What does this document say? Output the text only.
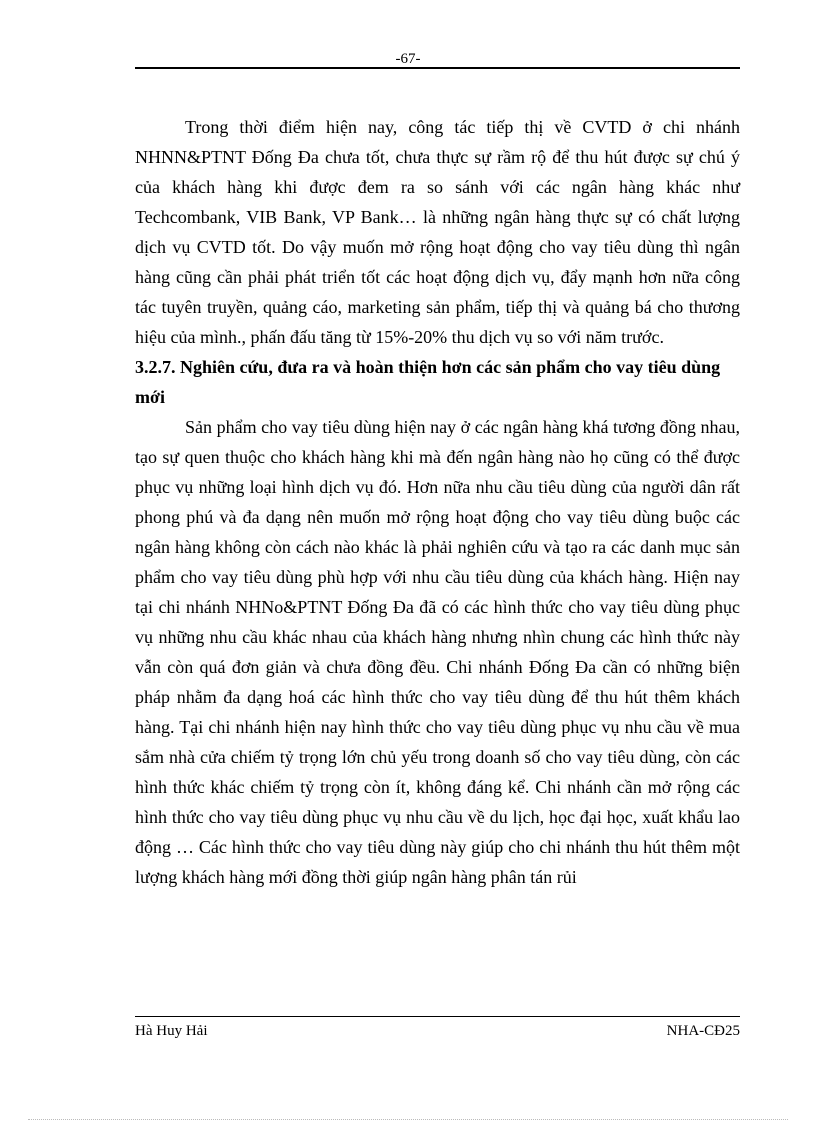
-67-

Trong thời điểm hiện nay, công tác tiếp thị về CVTD ở chi nhánh NHNN&PTNT Đống Đa chưa tốt, chưa thực sự rầm rộ để thu hút được sự chú ý của khách hàng khi được đem ra so sánh với các ngân hàng khác như Techcombank, VIB Bank, VP Bank… là những ngân hàng thực sự có chất lượng dịch vụ CVTD tốt. Do vậy muốn mở rộng hoạt động cho vay tiêu dùng thì ngân hàng cũng cần phải phát triển tốt các hoạt động dịch vụ, đẩy mạnh hơn nữa công tác tuyên truyền, quảng cáo, marketing sản phẩm, tiếp thị và quảng bá cho thương hiệu của mình., phấn đấu tăng từ 15%-20% thu dịch vụ so với năm trước.

3.2.7. Nghiên cứu, đưa ra và hoàn thiện hơn các sản phẩm cho vay tiêu dùng mới

Sản phẩm cho vay tiêu dùng hiện nay ở các ngân hàng khá tương đồng nhau, tạo sự quen thuộc cho khách hàng khi mà đến ngân hàng nào họ cũng có thể được phục vụ những loại hình dịch vụ đó. Hơn nữa nhu cầu tiêu dùng của người dân rất phong phú và đa dạng nên muốn mở rộng hoạt động cho vay tiêu dùng buộc các ngân hàng không còn cách nào khác là phải nghiên cứu và tạo ra các danh mục sản phẩm cho vay tiêu dùng phù hợp với nhu cầu tiêu dùng của khách hàng. Hiện nay tại chi nhánh NHNo&PTNT Đống Đa đã có các hình thức cho vay tiêu dùng phục vụ những nhu cầu khác nhau của khách hàng nhưng nhìn chung các hình thức này vẫn còn quá đơn giản và chưa đồng đều. Chi nhánh Đống Đa cần có những biện pháp nhằm đa dạng hoá các hình thức cho vay tiêu dùng để thu hút thêm khách hàng. Tại chi nhánh hiện nay hình thức cho vay tiêu dùng phục vụ nhu cầu về mua sắm nhà cửa chiếm tỷ trọng lớn chủ yếu trong doanh số cho vay tiêu dùng, còn các hình thức khác chiếm tỷ trọng còn ít, không đáng kể. Chi nhánh cần mở rộng các hình thức cho vay tiêu dùng phục vụ nhu cầu về du lịch, học đại học, xuất khẩu lao động … Các hình thức cho vay tiêu dùng này giúp cho chi nhánh thu hút thêm một lượng khách hàng mới đồng thời giúp ngân hàng phân tán rủi

Hà Huy Hải	NHA-CĐ25
